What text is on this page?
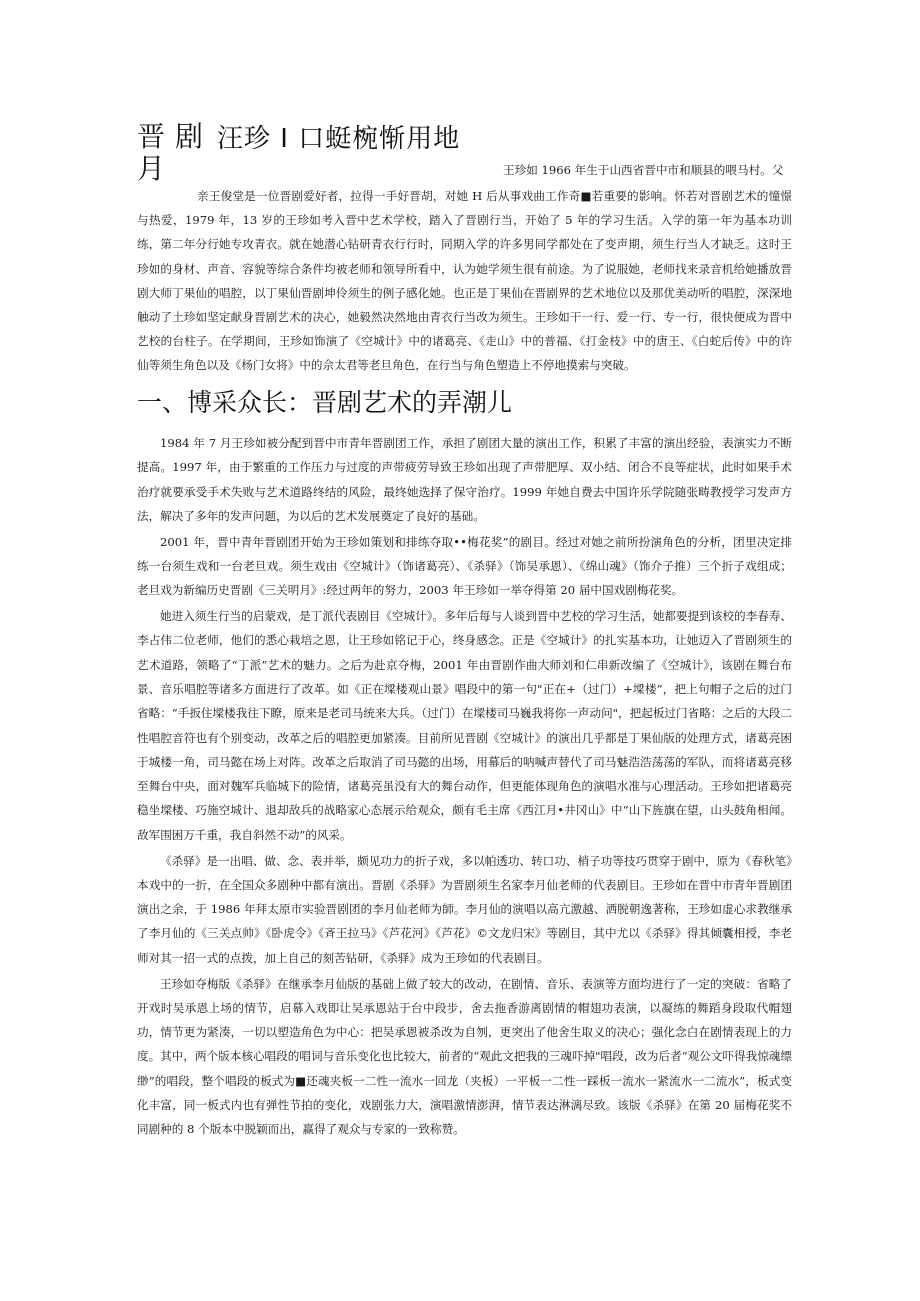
晋剧
月
汪珍 I 口蜓椀惭用地
王珍如 1966 年生于山西省晋中市和顺县的喂马村。父

亲王俊堂是一位晋剧爱好者，拉得一手好晋胡，对她 H 后从事戏曲工作奇■若重要的影响。怀若对晋剧艺术的憧憬与热爱，1979 年，13 岁的王珍如考入晋中艺术学校，踏入了晋剧行当，开始了 5 年的学习生活。入学的第一年为基本功训练，第二年分行她专攻青衣。就在她潜心钻研青衣行行时，同期入学的许多男同学都处在了变声期，须生行当人才缺乏。这时王珍如的身材、声音、容貌等综合条件均被老师和领导所看中，认为她学须生很有前途。为了说服她，老师找来录音机给她播放晋剧大师丁果仙的唱腔，以丁果仙晋剧坤伶须生的例子感化她。也正是丁果仙在晋剧界的艺术地位以及那优美动听的唱腔，深深地触动了土珍如坚定献身晋剧艺术的决心，她毅然决然地由青衣行当改为须生。王珍如干一行、爱一行、专一行，很快便成为晋中艺校的台柱子。在学期间，王珍如饰演了《空城计》中的诸葛亮、《走山》中的普福、《打金枝》中的唐王、《白蛇后传》中的许仙等须生角色以及《杨门女将》中的佘太君等老旦角色，在行当与角色塑造上不停地摸索与突破。

一、博采众长：晋剧艺术的弄潮儿

1984 年 7 月王珍如被分配到晋中市青年晋剧团工作，承担了剧团大量的演出工作，积累了丰富的演出经验，表演实力不断提高。1997 年，由于繁重的工作压力与过度的声带疲劳导致王珍如出现了声带肥厚、双小结、闭合不良等症状，此时如果手术治疗就要承受手术失败与艺术道路终结的风险，最终她选择了保守治疗。1999 年她自费去中国许乐学院随张畴教授学习发声方法，解决了多年的发声问题，为以后的艺术发展奠定了良好的基础。

2001 年，晋中青年晋剧团开始为王珍如策划和排练夺取••梅花奖”的剧目。经过对她之前所扮演角色的分析，团里决定排练一台须生戏和一台老旦戏。须生戏由《空城计》（饰诸葛亮）、《杀驿》（饰吴承恩）、《绵山魂》（饰介子推）三个折子戏组成；老旦戏为新编历史晋剧《三关明月》:经过两年的努力，2003 年王珍如一举夺得第 20 届中国戏剧梅花奖。

她进入须生行当的启蒙戏，是丁派代表剧目《空城计》。多年后每与人谈到晋中艺校的学习生活，她都要提到该校的李春寿、李占伟二位老师，他们的悉心栽培之恩，让王珍如铭记于心，终身感念。正是《空城计》的扎实基本功，让她迈入了晋剧须生的艺术道路，领略了“丁派”艺术的魅力。之后为赴京夺梅，2001 年由晋剧作曲大师刘和仁串新改编了《空城计》，该剧在舞台布景、音乐唱腔等诸多方面进行了改革。如《正在墚楼观山景》唱段中的第一句"正在+（过门）+墚楼”，把上句帽子之后的过门省略：“手扳住墚楼我往下瞭，原来是老司马统来大兵。（过门）在墚楼司马巍我将你一声动问"，把起板过门省略：之后的大段二性唱腔音符也有个别变动，改革之后的唱腔更加紧凑。目前所见晋剧《空城计》的演出几乎都是丁果仙版的处理方式，诸葛亮困于城楼一角，司马懿在场上对阵。改革之后取消了司马懿的出场，用幕后的呐喊声替代了司马魅浩浩荡荡的军队，而将诸葛亮移至舞台中央，面对魏军兵临城下的险情，诸葛亮虽没有大的舞台动作，但更能体现角色的演唱水准与心理活动。王珍如把诸葛亮稳坐墚楼、巧施空城计、退却敌兵的战略家心态展示给观众，颇有毛主席《西江月•井冈山》中“山下旌旗在望，山头鼓角相闻。敌军围困万千重，我自斜然不动”的风采。

《杀驿》是一出唱、做、念、表并举，颇见功力的折子戏，多以帕透功、转口功、梢子功等技巧贯穿于剧中，原为《春秋笔》本戏中的一折，在全国众多剧种中都有演出。晋剧《杀驿》为晋剧须生名家李月仙老师的代表剧目。王珍如在晋中市青年晋剧团演出之余，于 1986 年拜太原市实验晋剧团的李月仙老师为師。李月仙的演唱以高亢激越、洒脱朝逸著称，王珍如虚心求教继承了李月仙的《三关点帅》《卧虎令》《斉王拉马》《芦花河》《芦花》©文龙归宋》等剧目，其中尤以《杀驿》得其倾囊相授，李老师对其一招一式的点拨，加上自己的刻苦钻研，《杀驿》成为王珍如的代表剧目。

王珍如夺梅版《杀驿》在继承李月仙版的基础上做了较大的改动，在剧情、音乐、表演等方面均进行了一定的突破：省略了开戏时吴承恩上场的情节，启幕入戏即让吴承恩站于台中段步，舍去拖香游离剧情的帽翅功表演，以凝练的舞蹈身段取代帽翅功，情节更为紧凑，一切以塑造角色为中心：把吴承恩被杀改为自刎，更突出了他舍生取义的决心；强化念白在剧情表现上的力度。其中，两个版本核心唱段的唱词与音乐变化也比较大，前者的“观此文把我的三魂吓掉"唱段，改为后者“观公文吓得我惊魂缥缈”的唱段，整个唱段的板式为■还魂夹板一二性一流水一回龙（夹板）一平板一二性一踩板一流水一紧流水一二流水”，板式变化丰富，同一板式内也有弹性节拍的变化，戏剧张力大，演唱激情澎湃，情节表达淋漓尽致。该版《杀驿》在第 20 届梅花奖不同剧种的 8 个版本中脱颖而出，赢得了观众与专家的一致称赞。
